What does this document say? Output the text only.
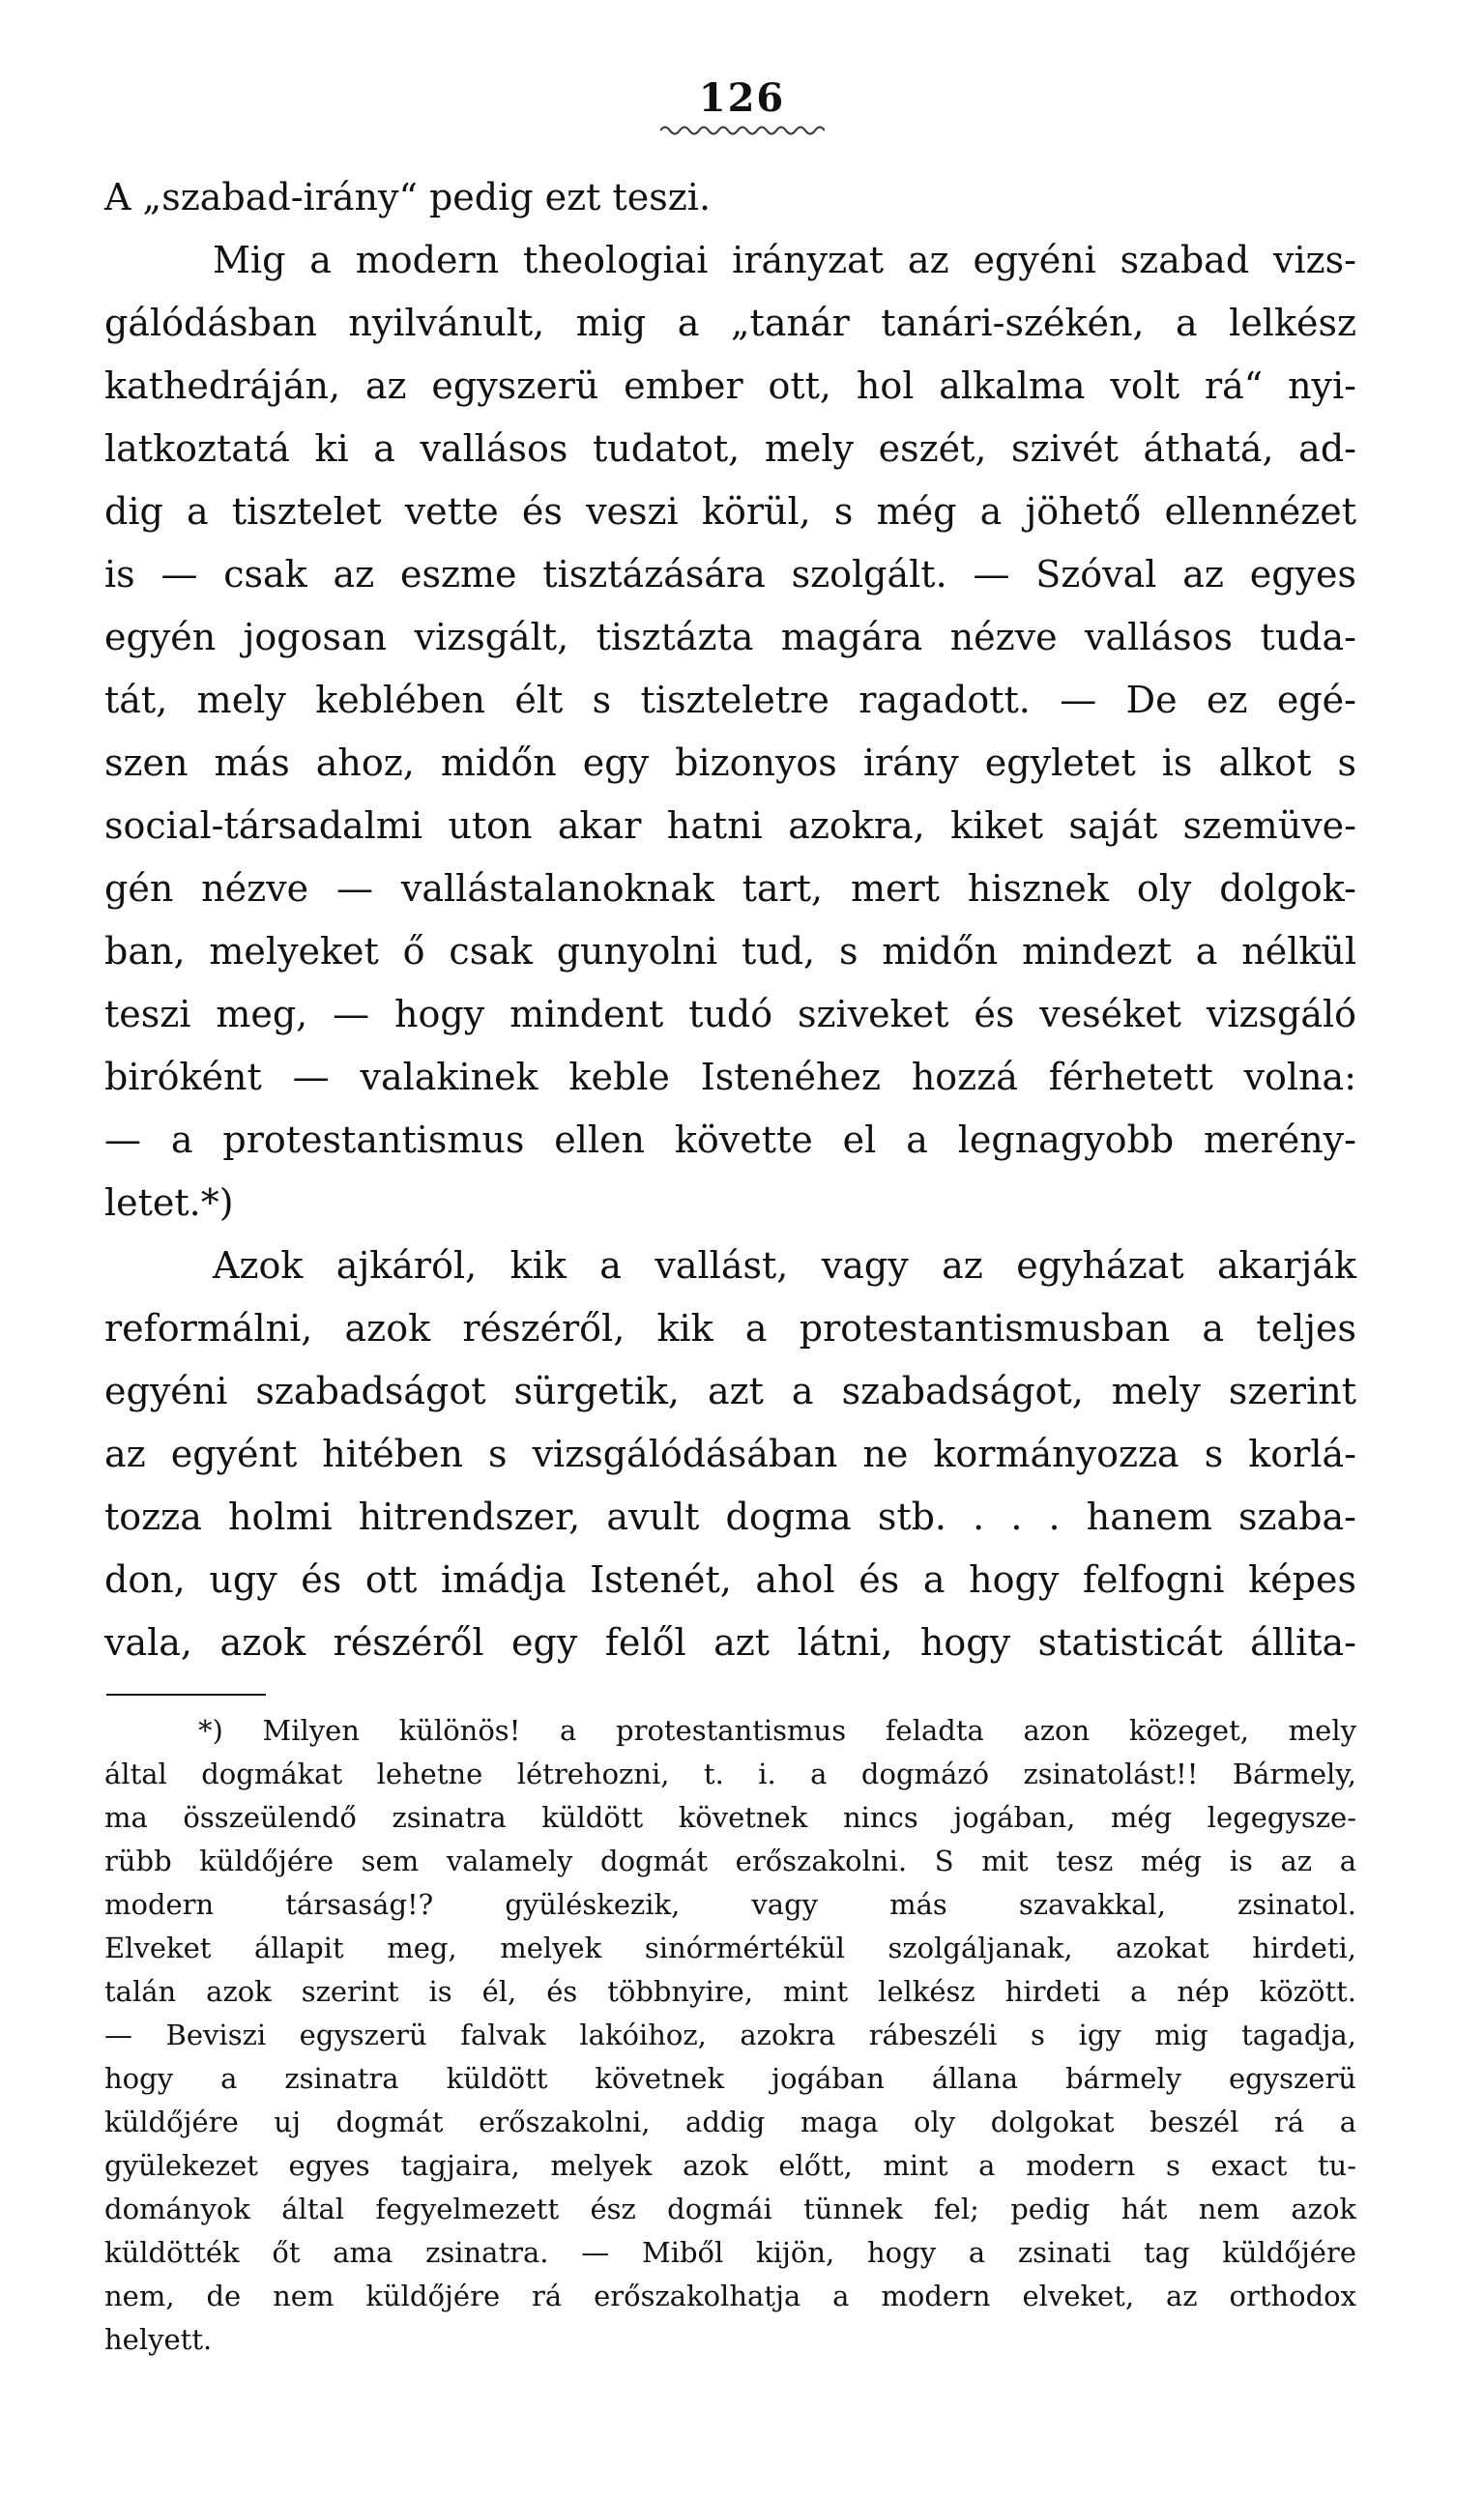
126
A „szabad-irány“ pedig ezt teszi.
Mig a modern theologiai irányzat az egyéni szabad vizs-
gálódásban nyilvánult, mig a „tanár tanári-székén, a lelkész
kathedráján, az egyszerü ember ott, hol alkalma volt rá“ nyi-
latkoztatá ki a vallásos tudatot, mely eszét, szivét áthatá, ad-
dig a tisztelet vette és veszi körül, s még a jöhető ellennézet
is — csak az eszme tisztázására szolgált. — Szóval az egyes
egyén jogosan vizsgált, tisztázta magára nézve vallásos tuda-
tát, mely keblében élt s tiszteletre ragadott. — De ez egé-
szen más ahoz, midőn egy bizonyos irány egyletet is alkot s
social-társadalmi uton akar hatni azokra, kiket saját szemüve-
gén nézve — vallástalanoknak tart, mert hisznek oly dolgok-
ban, melyeket ő csak gunyolni tud, s midőn mindezt a nélkül
teszi meg, — hogy mindent tudó sziveket és veséket vizsgáló
biróként — valakinek keble Istenéhez hozzá férhetett volna:
— a protestantismus ellen követte el a legnagyobb merény-
letet.*)
Azok ajkáról, kik a vallást, vagy az egyházat akarják
reformálni, azok részéről, kik a protestantismusban a teljes
egyéni szabadságot sürgetik, azt a szabadságot, mely szerint
az egyént hitében s vizsgálódásában ne kormányozza s korlá-
tozza holmi hitrendszer, avult dogma stb. . . . hanem szaba-
don, ugy és ott imádja Istenét, ahol és a hogy felfogni képes
vala, azok részéről egy felől azt látni, hogy statisticát állita-
*) Milyen különös! a protestantismus feladta azon közeget, mely
által dogmákat lehetne létrehozni, t. i. a dogmázó zsinatolást!! Bármely,
ma összeülendő zsinatra küldött követnek nincs jogában, még legegysze-
rübb küldőjére sem valamely dogmát erőszakolni. S mit tesz még is az a
modern társaság!? gyüléskezik, vagy más szavakkal, zsinatol.
Elveket állapit meg, melyek sinórmértékül szolgáljanak, azokat hirdeti,
talán azok szerint is él, és többnyire, mint lelkész hirdeti a nép között.
— Beviszi egyszerü falvak lakóihoz, azokra rábeszéli s igy mig tagadja,
hogy a zsinatra küldött követnek jogában állana bármely egyszerü
küldőjére uj dogmát erőszakolni, addig maga oly dolgokat beszél rá a
gyülekezet egyes tagjaira, melyek azok előtt, mint a modern s exact tu-
dományok által fegyelmezett ész dogmái tünnek fel; pedig hát nem azok
küldötték őt ama zsinatra. — Miből kijön, hogy a zsinati tag küldőjére
nem, de nem küldőjére rá erőszakolhatja a modern elveket, az orthodox
helyett.
